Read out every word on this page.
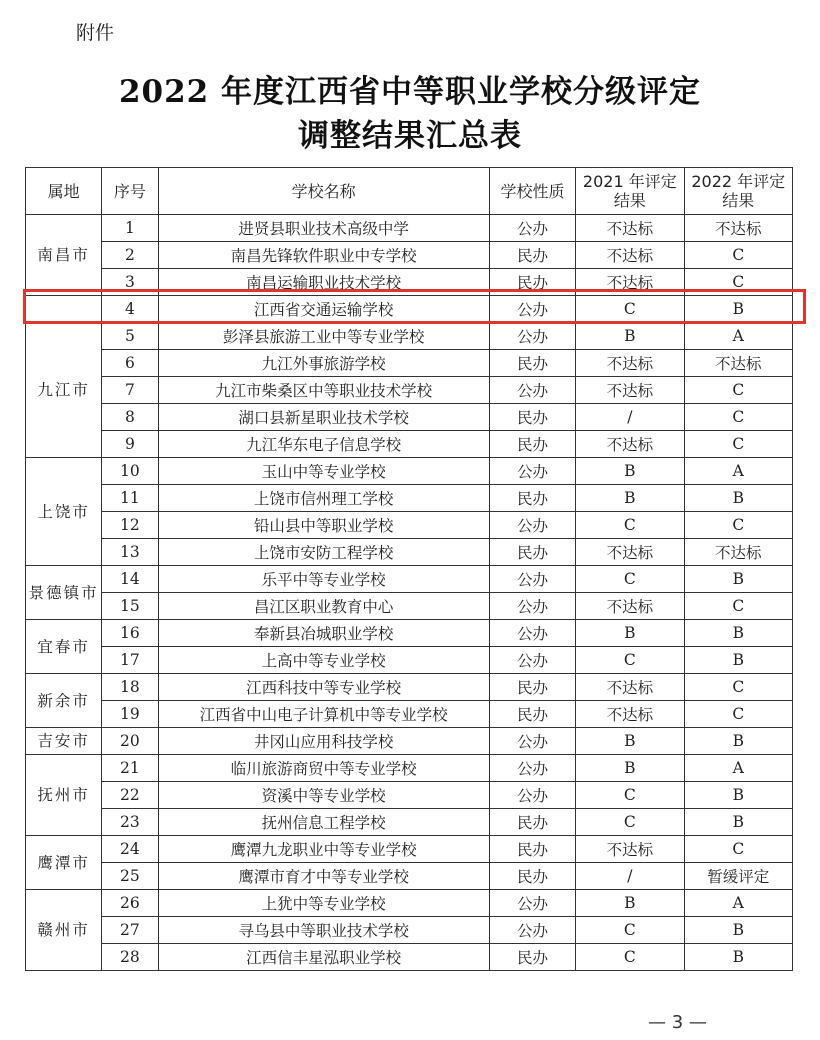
附件
2022 年度江西省中等职业学校分级评定
调整结果汇总表
属地	序号	学校名称	学校性质	2021 年评定结果	2022 年评定结果
南昌市	1	进贤县职业技术高级中学	公办	不达标	不达标
	2	南昌先锋软件职业中专学校	民办	不达标	C
	3	南昌运输职业技术学校	民办	不达标	C
	4	江西省交通运输学校	公办	C	B
九江市	5	彭泽县旅游工业中等专业学校	公办	B	A
	6	九江外事旅游学校	民办	不达标	不达标
	7	九江市柴桑区中等职业技术学校	公办	不达标	C
	8	湖口县新星职业技术学校	民办	/	C
	9	九江华东电子信息学校	民办	不达标	C
上饶市	10	玉山中等专业学校	公办	B	A
	11	上饶市信州理工学校	民办	B	B
	12	铅山县中等职业学校	公办	C	C
	13	上饶市安防工程学校	民办	不达标	不达标
景德镇市	14	乐平中等专业学校	公办	C	B
	15	昌江区职业教育中心	公办	不达标	C
宜春市	16	奉新县冶城职业学校	公办	B	B
	17	上高中等专业学校	公办	C	B
新余市	18	江西科技中等专业学校	民办	不达标	C
	19	江西省中山电子计算机中等专业学校	民办	不达标	C
吉安市	20	井冈山应用科技学校	公办	B	B
抚州市	21	临川旅游商贸中等专业学校	公办	B	A
	22	资溪中等专业学校	公办	C	B
	23	抚州信息工程学校	民办	C	B
鹰潭市	24	鹰潭九龙职业中等专业学校	民办	不达标	C
	25	鹰潭市育才中等专业学校	民办	/	暂缓评定
赣州市	26	上犹中等专业学校	公办	B	A
	27	寻乌县中等职业技术学校	公办	C	B
	28	江西信丰星泓职业学校	民办	C	B
— 3 —
